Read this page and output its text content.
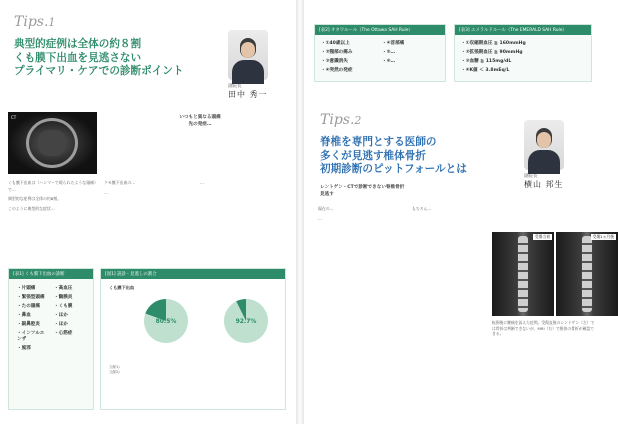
Tips.1
典型的症例は全体の約８割
くも膜下出血を見逃さない
プライマリ・ケアでの診断ポイント
副院長
田中 秀一
いつもと異なる頭痛
先の発症…
CT

くも膜下出血は（ハンマーで殴られたような頭痛）で…

典型的な症例は全体の約8割。

このように典型的な症状…

クモ膜下出血の…

…

…

[表1] くも膜下出血の診断
・片頭痛	・高血圧
・緊張型頭痛	・髄膜炎
・たの頭痛	・くも膜
・鼻血	・ほか
・副鼻腔炎	・ほか
・インフルエンザ
・心筋症
・風邪
[図1] 誤診・見逃しの割合
くも膜下出血
80.5%	92.7%
文献1)
文献2)
[表2] オタワルール（The Ottawa SAH Rule）
・①40歳以上	・④首部痛
・②頸部の痛み	・⑤…
・③意識消失	・⑥…
・④突然の発症
[表3] エメラルドルール（The EMERALD SAH Rule）
・①収縮期血圧 ≧ 160mmHg
・②拡張期血圧 ≧ 90mmHg
・③血糖 ≧ 115mg/dL
・④K値 ＜ 3.8mEq/L
Tips.2
脊椎を専門とする医師の
多くが見逃す椎体骨折
初期診断のピットフォールとは
副院長
横山 邦生
レントゲン・CTで診断できない脊椎骨折
見逃す

現在の…

…

もちろん…

受傷当初	受傷1ヵ月後
転倒後に腰痛を訴えた症例。受傷直後のレントゲン（左）では骨折は判断できないが、MRI（右）で椎体の骨折が確認できる。
